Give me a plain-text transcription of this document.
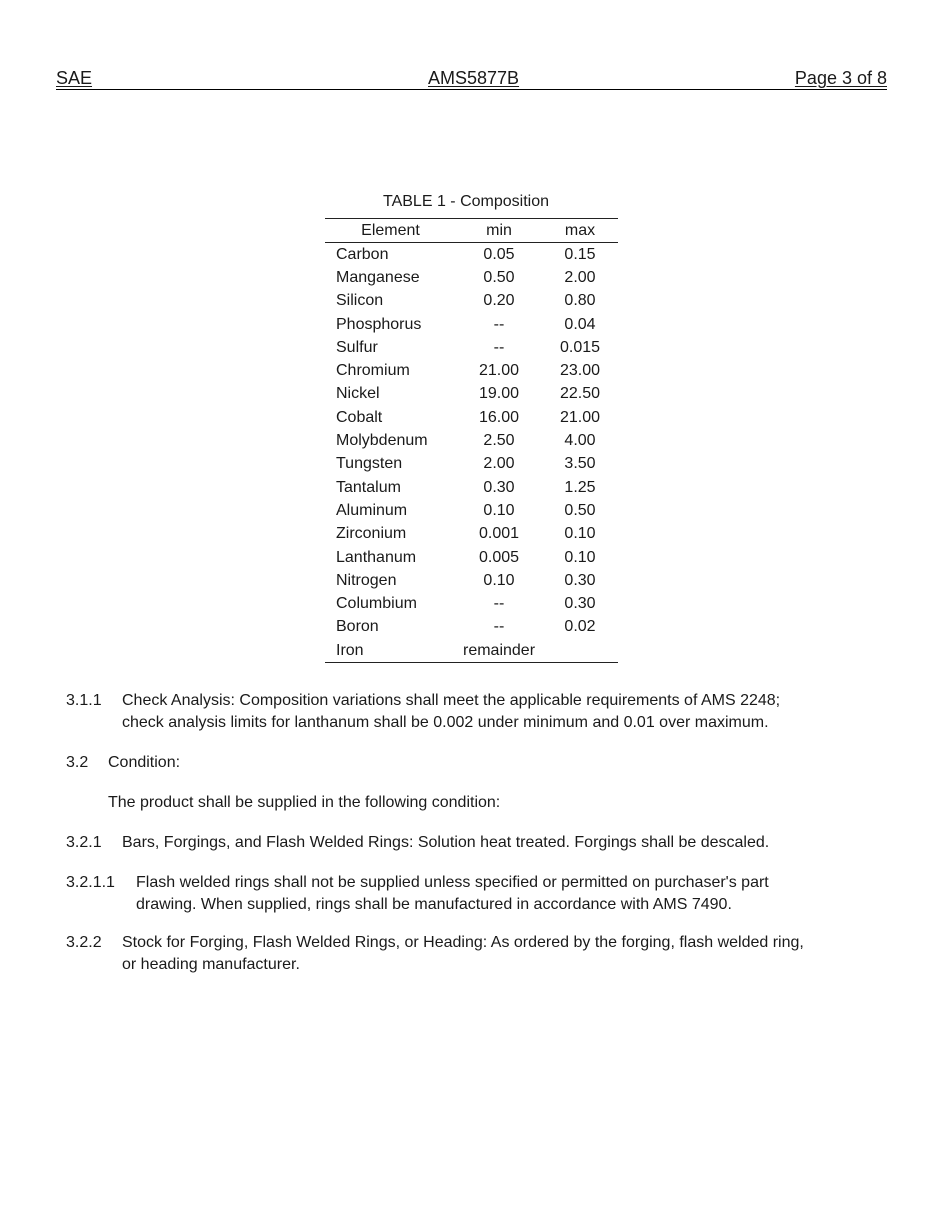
SAE	AMS5877B	Page 3 of 8
TABLE 1 - Composition
Element	min	max
Carbon	0.05	0.15
Manganese	0.50	2.00
Silicon	0.20	0.80
Phosphorus	--	0.04
Sulfur	--	0.015
Chromium	21.00	23.00
Nickel	19.00	22.50
Cobalt	16.00	21.00
Molybdenum	2.50	4.00
Tungsten	2.00	3.50
Tantalum	0.30	1.25
Aluminum	0.10	0.50
Zirconium	0.001	0.10
Lanthanum	0.005	0.10
Nitrogen	0.10	0.30
Columbium	--	0.30
Boron	--	0.02
Iron	remainder	
3.1.1 Check Analysis: Composition variations shall meet the applicable requirements of AMS 2248;
check analysis limits for lanthanum shall be 0.002 under minimum and 0.01 over maximum.
3.2	Condition:
The product shall be supplied in the following condition:
3.2.1	Bars, Forgings, and Flash Welded Rings: Solution heat treated. Forgings shall be descaled.
3.2.1.1 Flash welded rings shall not be supplied unless specified or permitted on purchaser's part
drawing. When supplied, rings shall be manufactured in accordance with AMS 7490.
3.2.2 Stock for Forging, Flash Welded Rings, or Heading: As ordered by the forging, flash welded ring,
or heading manufacturer.
